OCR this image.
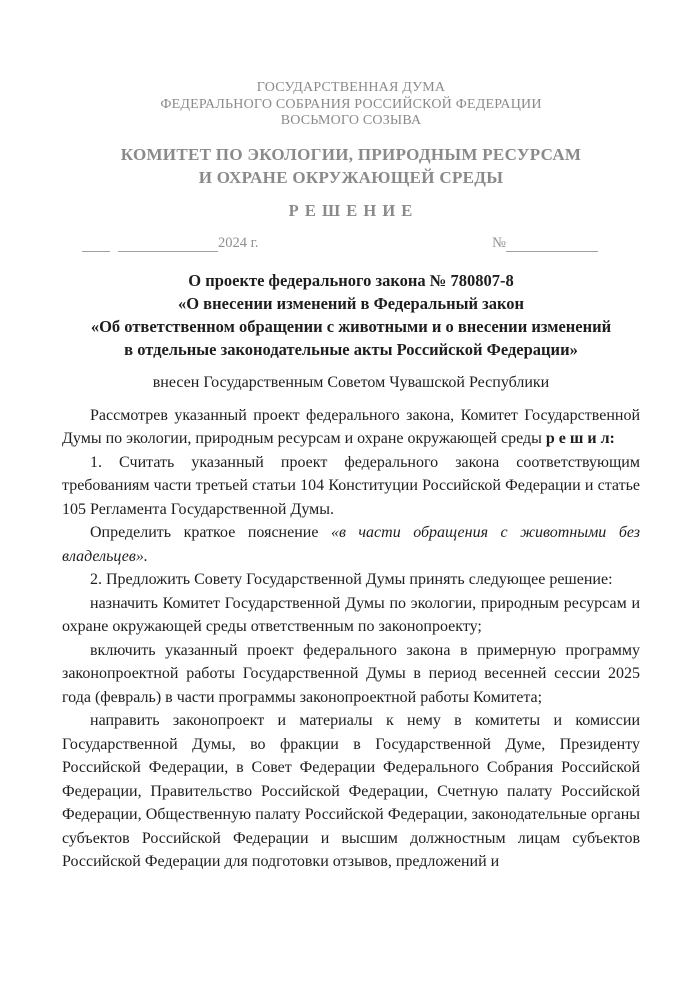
ГОСУДАРСТВЕННАЯ ДУМА
ФЕДЕРАЛЬНОГО СОБРАНИЯ РОССИЙСКОЙ ФЕДЕРАЦИИ
ВОСЬМОГО СОЗЫВА
КОМИТЕТ ПО ЭКОЛОГИИ, ПРИРОДНЫМ РЕСУРСАМ
И ОХРАНЕ ОКРУЖАЮЩЕЙ СРЕДЫ
Р Е Ш Е Н И Е
2024 г.	№
О проекте федерального закона № 780807-8
«О внесении изменений в Федеральный закон
«Об ответственном обращении с животными и о внесении изменений
в отдельные законодательные акты Российской Федерации»
внесен Государственным Советом Чувашской Республики

Рассмотрев указанный проект федерального закона, Комитет Государственной Думы по экологии, природным ресурсам и охране окружающей среды р е ш и л:

1. Считать указанный проект федерального закона соответствующим требованиям части третьей статьи 104 Конституции Российской Федерации и статье 105 Регламента Государственной Думы.

Определить краткое пояснение «в части обращения с животными без владельцев».

2. Предложить Совету Государственной Думы принять следующее решение:

назначить Комитет Государственной Думы по экологии, природным ресурсам и охране окружающей среды ответственным по законопроекту;

включить указанный проект федерального закона в примерную программу законопроектной работы Государственной Думы в период весенней сессии 2025 года (февраль) в части программы законопроектной работы Комитета;

направить законопроект и материалы к нему в комитеты и комиссии Государственной Думы, во фракции в Государственной Думе, Президенту Российской Федерации, в Совет Федерации Федерального Собрания Российской Федерации, Правительство Российской Федерации, Счетную палату Российской Федерации, Общественную палату Российской Федерации, законодательные органы субъектов Российской Федерации и высшим должностным лицам субъектов Российской Федерации для подготовки отзывов, предложений и
